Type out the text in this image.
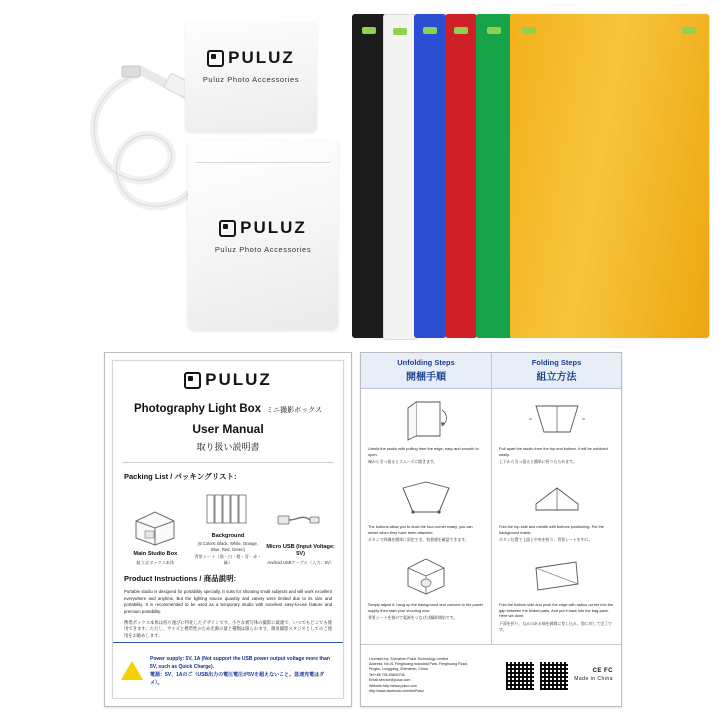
PULUZ
Puluz Photo Accessories
PULUZ
Puluz Photo Accessories
PULUZ
Photography Light Box ミニ撮影ボックス
User Manual
取り扱い説明書
Packing List / パッキングリスト:
Main Studio Box
組立式ボックス本体
Background
(6 Colors: Black, White, Orange, Blue, Red, Green)
背景シート（黒・白・橙・青・赤・緑）
Micro USB (Input Voltage: 5V)
Android USBケーブル（入力：5V）
Product Instructions / 商品説明:

Portable studio is designed for portability specially. It suits for shooting small subjects and will work excellent everywhere and anytime. But the lighting source quantity and variety were limited due to its size and portability. It is recommended to be used as a temporary studio with excellent easy-to-use feature and premium portability.

携帯ボックス本体は持ち運びに特化したデザインです。小さな被写体の撮影に最適で、いつでもどこでも使用できます。ただし、サイズと携帯性のため光源の量と種類は限られます。簡易撮影スタジオとしてのご使用をお勧めします。

⚡
Power supply: 5V, 1A (Not support the USB power output voltage more than 5V, such as Quick Charge).
電源：5V、1Aのご（USB出力の電圧電圧が5Vを超えないこと。急速充電はダメ）。
Unfolding Steps
開梱手順
Untold the studio with pulling from the edge, easy and smooth to open.
端から引っ張るとスムーズに開きます。
The buttons allow you to dock the four-corner easily, you can sense when they have been attached.
ボタンで四隅を簡単に固定でき、装着感を確認できます。
Simply adjust it, hang up the background and connect to the power supply then start your shooting now.
背景シートを掛けて電源をつなげば撮影開始です。
Folding Steps
組立方法
Pull apart the studio from the top and bottom, it will be unfolded easily.
上下から引っ張ると簡単に折りたためます。
Fold the top side and middle with buttons positioning. Put the background inside.
ボタン位置で上面と中央を折り、背景シートを中に。
Fold the bottom side and push the edge with radius corner into the gap between the folded parts. And put it back into the bag-pack. Here we done.
下面を折り、丸みのある端を隙間に差し込み、袋に戻して完了です。
Licensed by: Shenzhen Puluz Technology Limited
Address: No.01 Fenghuang Industrial Park, Fenghuang Road,
Pingbu, Longgang, Shenzhen, China
Tel:+86 755 83604708
Email:service@puluz.com
Website:http://www.puluz.com
http://www.facebook.com/thePuluz
CE FC
Made in China
